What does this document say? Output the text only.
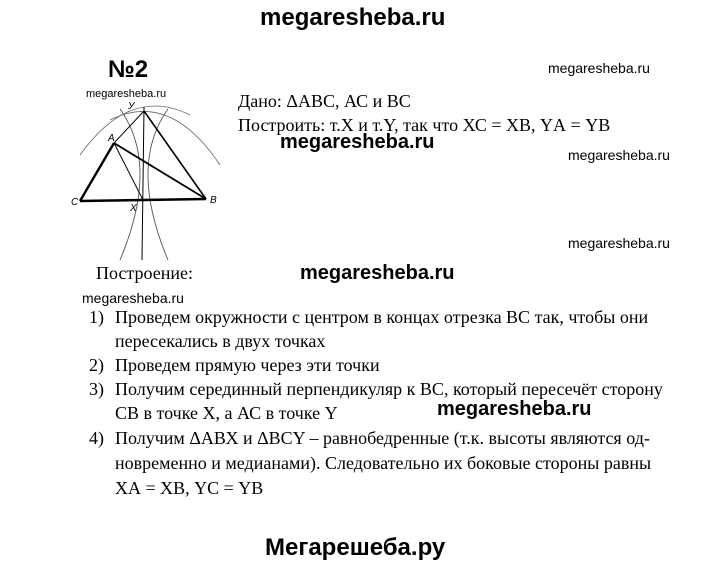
megaresheba.ru
megaresheba.ru
megaresheba.ru
megaresheba.ru
megaresheba.ru
megaresheba.ru
megaresheba.ru
megaresheba.ru
megaresheba.ru
Мегарешеба.ру
№2
Дано: ΔАВС, АС и ВС
Построить: т.Х и т.Y, так что ХС = ХВ, YА = YВ
У
A
C
X
B
Построение:
1) Проведем окружности с центром в концах отрезка ВС так, чтобы они
пересекались в двух точках
2) Проведем прямую через эти точки
3) Получим серединный перпендикуляр к ВС, который пересечёт сторону
СВ в точке Х, а АС в точке Y
4) Получим ΔАВХ и ΔВСY – равнобедренные (т.к. высоты являются од-
новременно и медианами). Следовательно их боковые стороны равны
ХА = ХВ, YС = YВ
